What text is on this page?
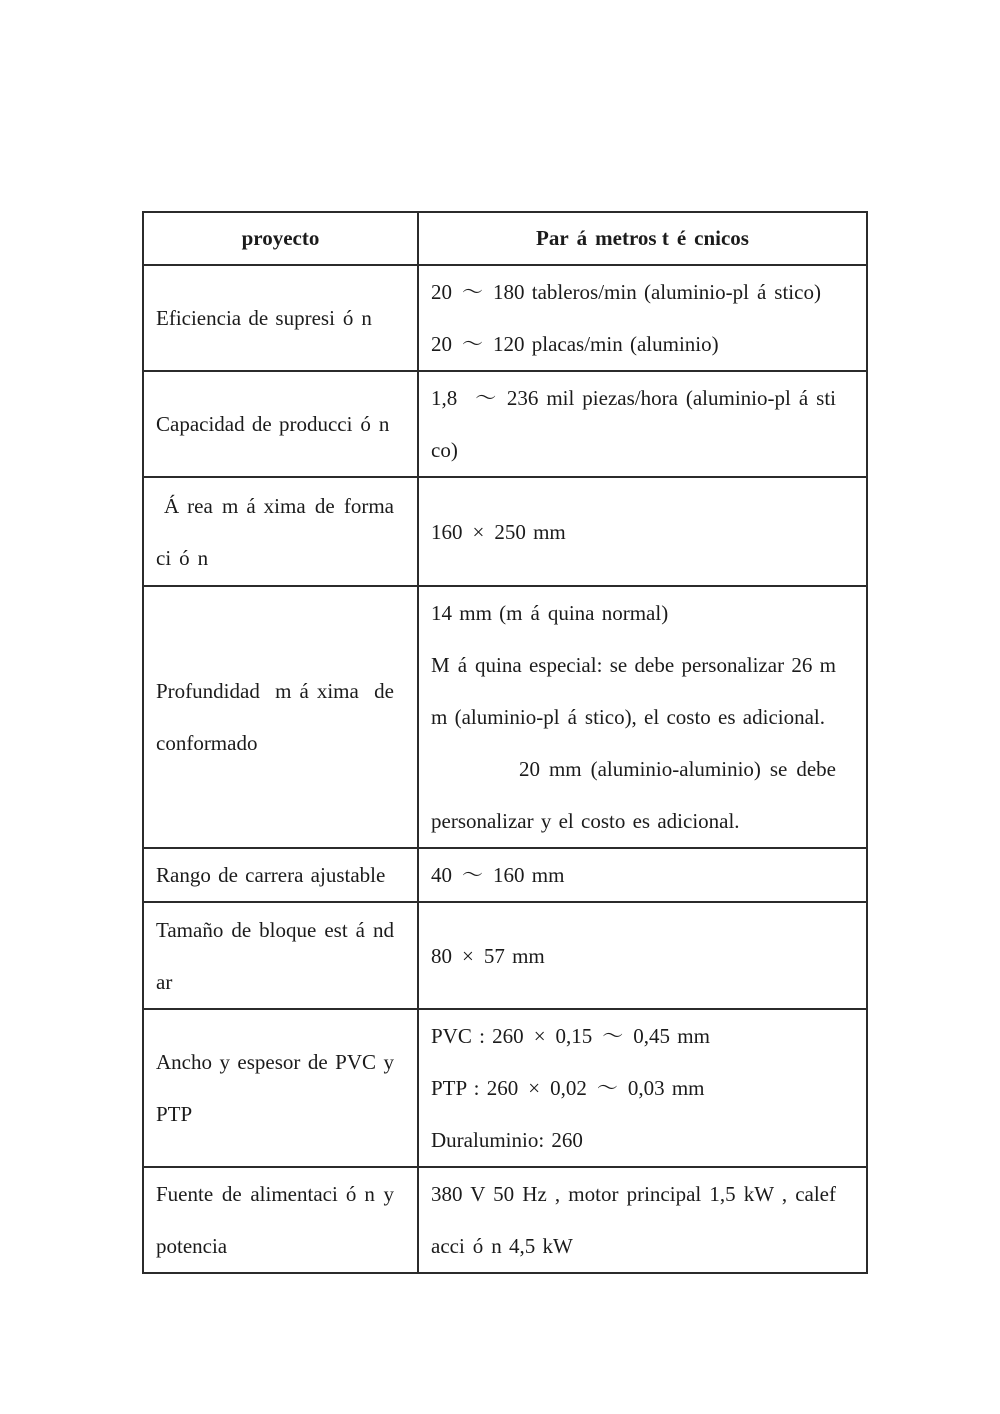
proyecto	Par á metros t é cnicos

Eficiencia de supresi ó n	20 ～ 180 tableros/min (aluminio-pl á stico)

20 ～ 120 placas/min (aluminio)

Capacidad de producci ó n	1,8 ～ 236 mil piezas/hora (aluminio-pl á stico)

Á rea m á xima de formaci ó n	160 × 250 mm

Profundidad m á xima de conformado	14 mm (m á quina normal)

M á quina especial: se debe personalizar 26 mm (aluminio-pl á stico), el costo es adicional.

20 mm (aluminio-aluminio) se debe personalizar y el costo es adicional.

Rango de carrera ajustable	40 ～ 160 mm

Tamaño de bloque est á ndar	80 × 57 mm

Ancho y espesor de PVC y PTP	PVC : 260 × 0,15 ～ 0,45 mm

PTP : 260 × 0,02 ～ 0,03 mm

Duraluminio: 260

Fuente de alimentaci ó n y potencia	380 V 50 Hz , motor principal 1,5 kW , calefacci ó n 4,5 kW
